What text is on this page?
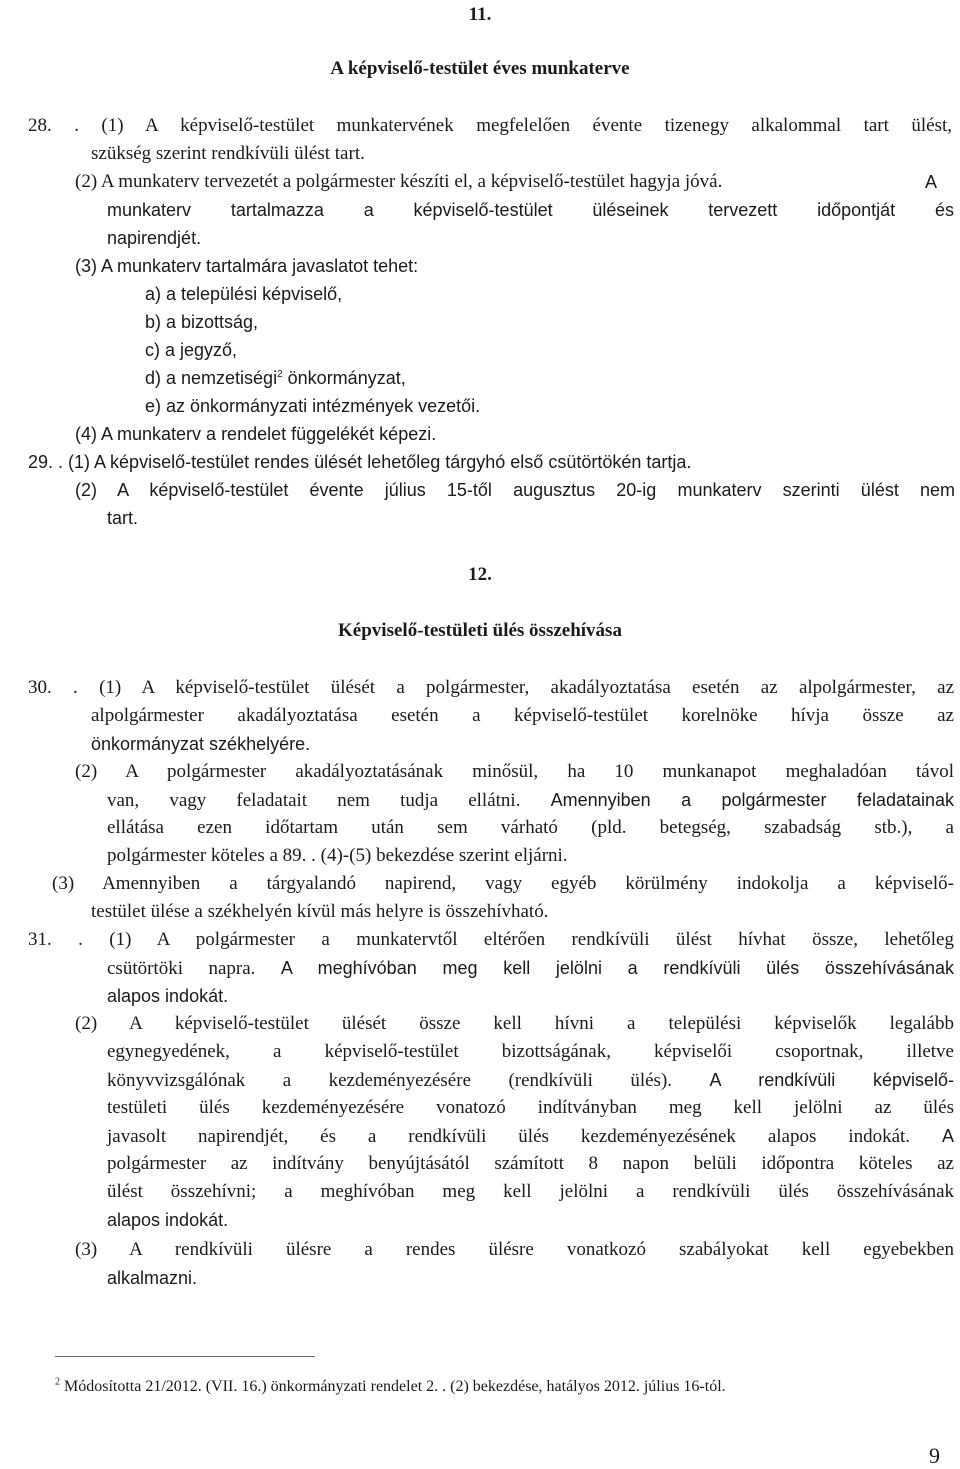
11.
A képviselő-testület éves munkaterve
28. . (1) A képviselő-testület munkatervének megfelelően évente tizenegy alkalommal tart ülést,
szükség szerint rendkívüli ülést tart.
(2) A munkaterv tervezetét a polgármester készíti el, a képviselő-testület hagyja jóvá.	A
munkaterv tartalmazza a képviselő-testület üléseinek tervezett időpontját és
napirendjét.
(3) A munkaterv tartalmára javaslatot tehet:
a) a települési képviselő,
b) a bizottság,
c) a jegyző,
d) a nemzetiségi$^2$ önkormányzat,
e) az önkormányzati intézmények vezetői.
(4) A munkaterv a rendelet függelékét képezi.
29. . (1) A képviselő-testület rendes ülését lehetőleg tárgyhó első csütörtökén tartja.
(2) A képviselő-testület évente július 15-től augusztus 20-ig munkaterv szerinti ülést nem
tart.
12.
Képviselő-testületi ülés összehívása
30. . (1) A képviselő-testület ülését a polgármester, akadályoztatása esetén az alpolgármester, az
alpolgármester akadályoztatása esetén a képviselő-testület korelnöke hívja össze az
önkormányzat székhelyére.
(2) A polgármester akadályoztatásának minősül, ha 10 munkanapot meghaladóan távol
van, vagy feladatait nem tudja ellátni. Amennyiben a polgármester feladatainak
ellátása ezen időtartam után sem várható (pld. betegség, szabadság stb.), a
polgármester köteles a 89. . (4)-(5) bekezdése szerint eljárni.
(3) Amennyiben a tárgyalandó napirend, vagy egyéb körülmény indokolja a képviselő-
testület ülése a székhelyén kívül más helyre is összehívható.
31. . (1) A polgármester a munkatervtől eltérően rendkívüli ülést hívhat össze, lehetőleg
csütörtöki napra. A meghívóban meg kell jelölni a rendkívüli ülés összehívásának
alapos indokát.
(2) A képviselő-testület ülését össze kell hívni a települési képviselők legalább
egynegyedének, a képviselő-testület bizottságának, képviselői csoportnak, illetve
könyvvizsgálónak a kezdeményezésére (rendkívüli ülés). A rendkívüli képviselő-
testületi ülés kezdeményezésére vonatozó indítványban meg kell jelölni az ülés
javasolt napirendjét, és a rendkívüli ülés kezdeményezésének alapos indokát. A
polgármester az indítvány benyújtásától számított 8 napon belüli időpontra köteles az
ülést összehívni; a meghívóban meg kell jelölni a rendkívüli ülés összehívásának
alapos indokát.
(3) A rendkívüli ülésre a rendes ülésre vonatkozó szabályokat kell egyebekben
alkalmazni.
$^2$ Módosította 21/2012. (VII. 16.) önkormányzati rendelet 2. . (2) bekezdése, hatályos 2012. július 16-tól.
9
